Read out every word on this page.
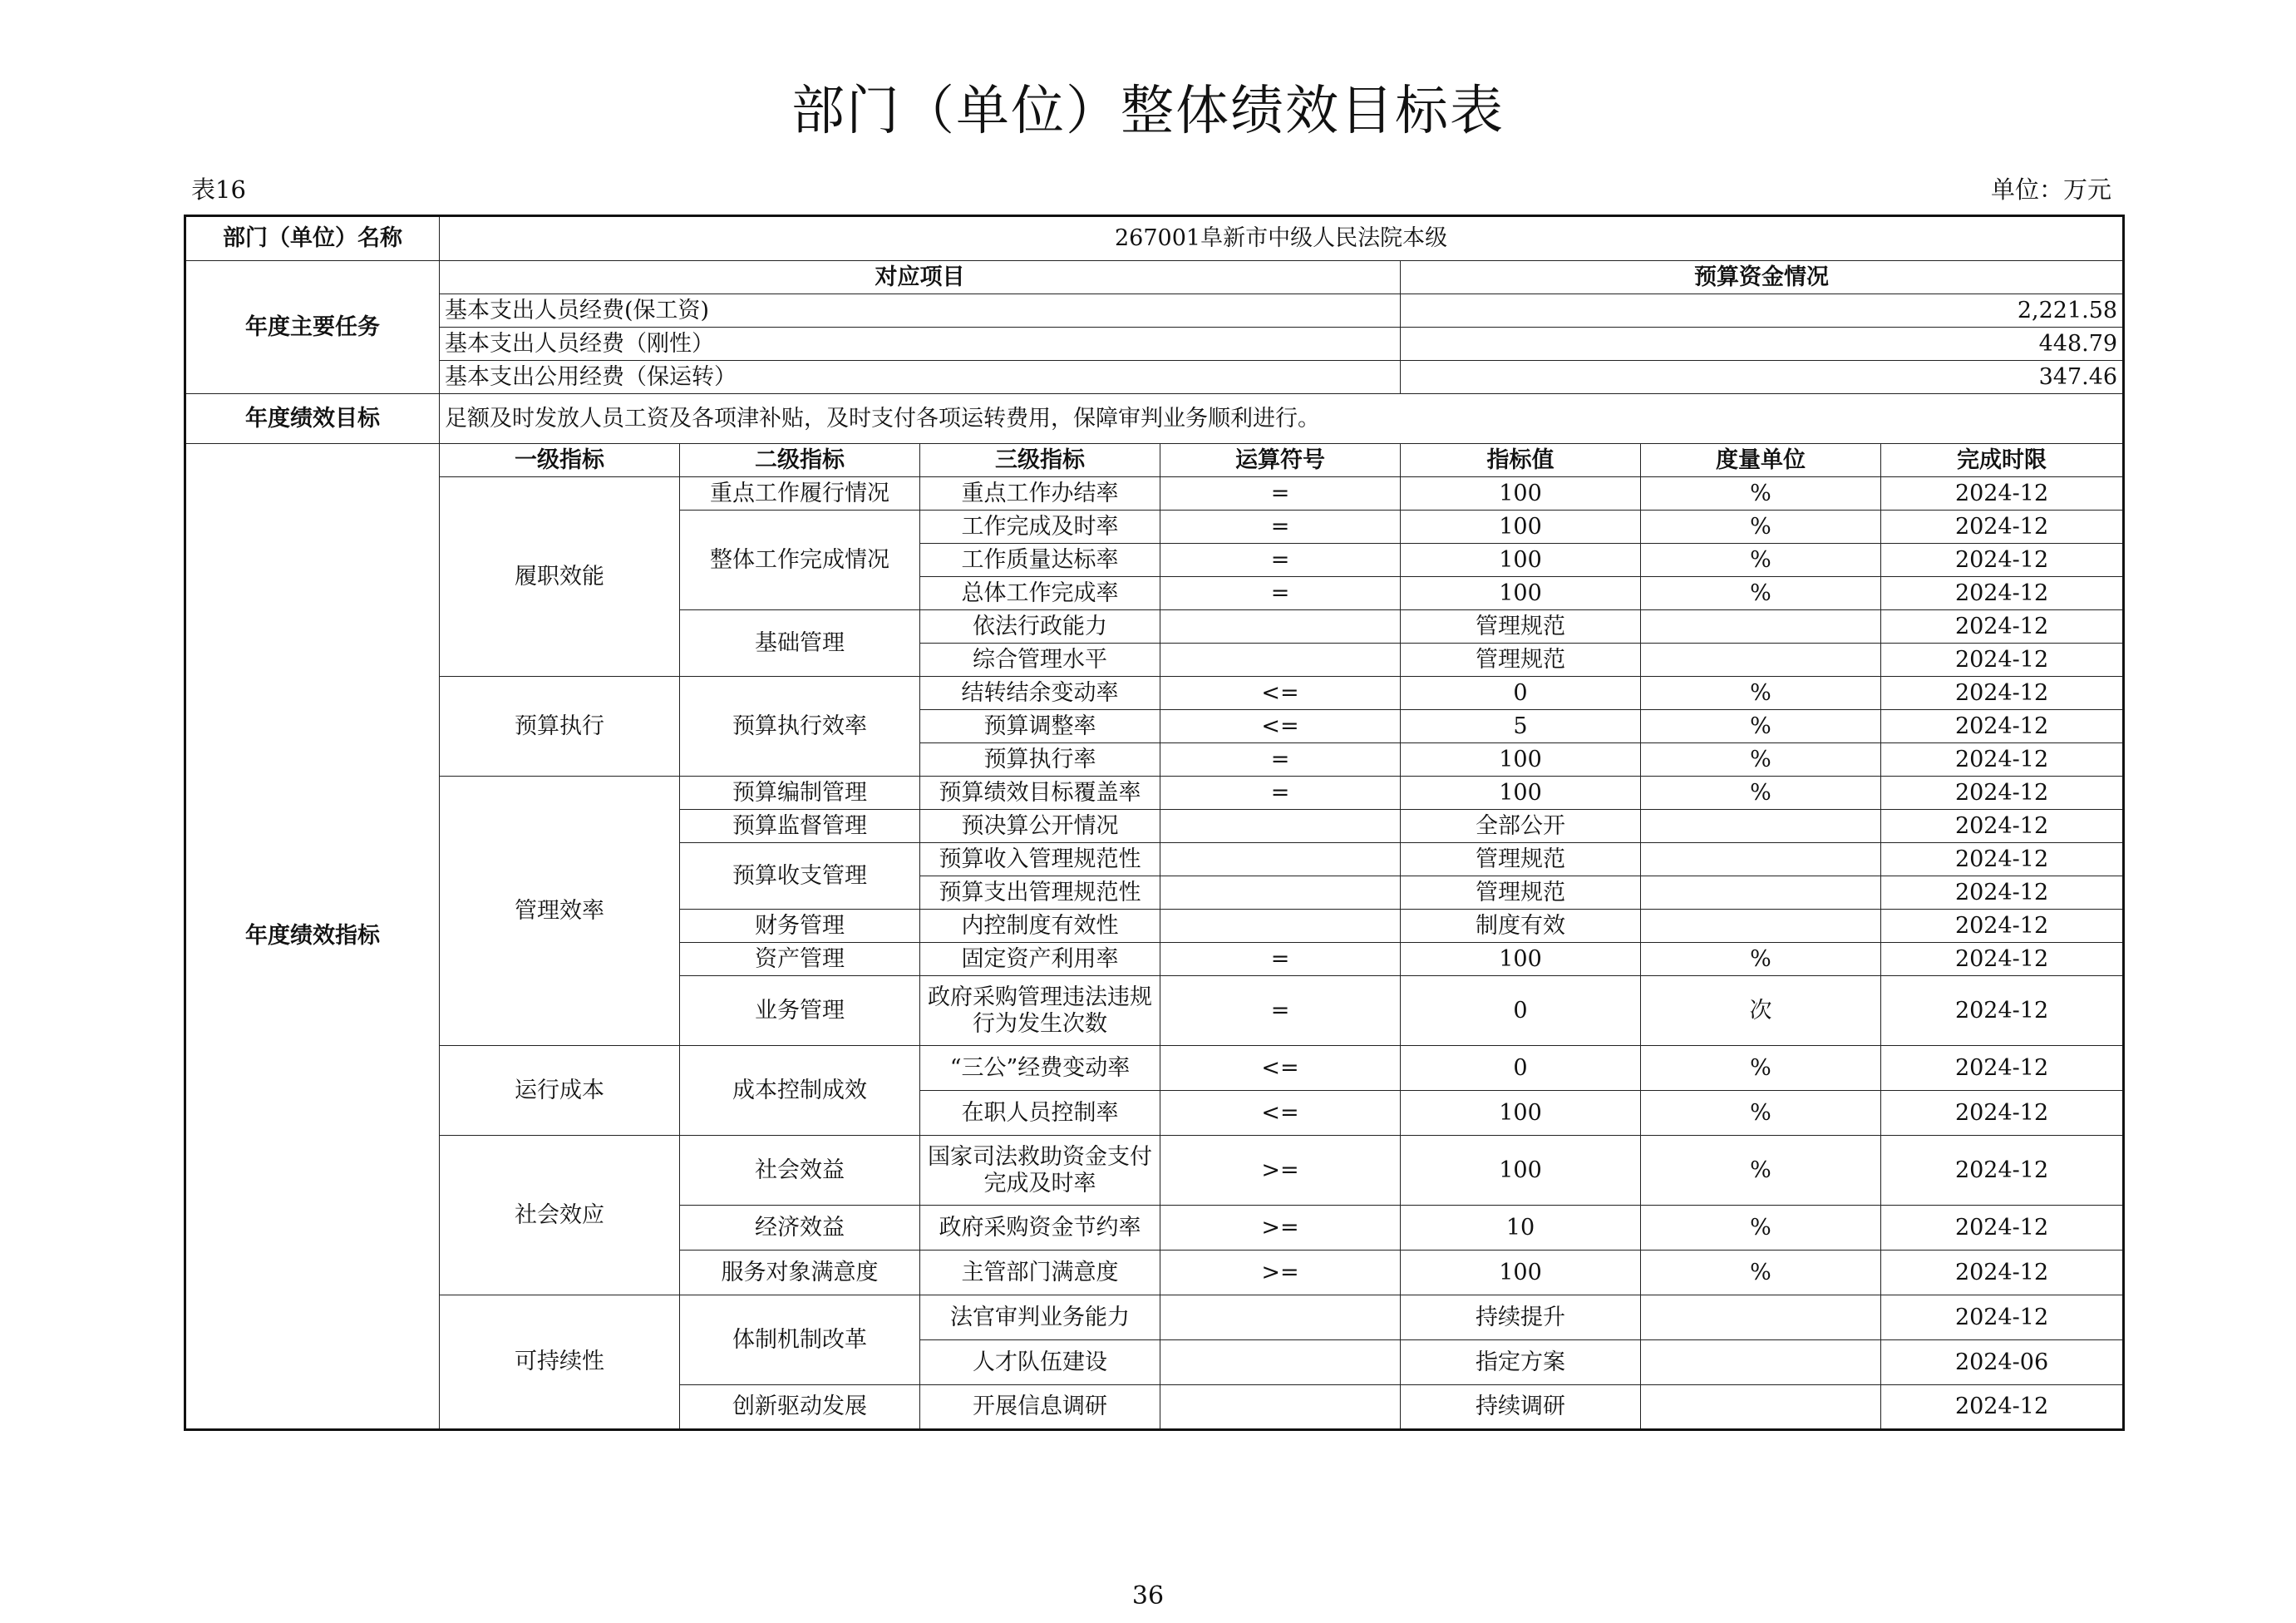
部门（单位）整体绩效目标表
表16	单位：万元
部门（单位）名称	267001阜新市中级人民法院本级						
年度主要任务	对应项目				预算资金情况		
	基本支出人员经费(保工资)				2,221.58		
	基本支出人员经费（刚性）				448.79		
	基本支出公用经费（保运转）				347.46		
年度绩效目标	足额及时发放人员工资及各项津补贴，及时支付各项运转费用，保障审判业务顺利进行。						
年度绩效指标	一级指标	二级指标	三级指标	运算符号	指标值	度量单位	完成时限
	履职效能	重点工作履行情况	重点工作办结率	=	100	%	2024-12
		整体工作完成情况	工作完成及时率	=	100	%	2024-12
			工作质量达标率	=	100	%	2024-12
			总体工作完成率	=	100	%	2024-12
		基础管理	依法行政能力		管理规范		2024-12
			综合管理水平		管理规范		2024-12
	预算执行	预算执行效率	结转结余变动率	<=	0	%	2024-12
			预算调整率	<=	5	%	2024-12
			预算执行率	=	100	%	2024-12
	管理效率	预算编制管理	预算绩效目标覆盖率	=	100	%	2024-12
		预算监督管理	预决算公开情况		全部公开		2024-12
		预算收支管理	预算收入管理规范性		管理规范		2024-12
			预算支出管理规范性		管理规范		2024-12
		财务管理	内控制度有效性		制度有效		2024-12
		资产管理	固定资产利用率	=	100	%	2024-12
		业务管理	政府采购管理违法违规行为发生次数	=	0	次	2024-12
	运行成本	成本控制成效	“三公”经费变动率	<=	0	%	2024-12
			在职人员控制率	<=	100	%	2024-12
	社会效应	社会效益	国家司法救助资金支付完成及时率	>=	100	%	2024-12
		经济效益	政府采购资金节约率	>=	10	%	2024-12
		服务对象满意度	主管部门满意度	>=	100	%	2024-12
	可持续性	体制机制改革	法官审判业务能力		持续提升		2024-12
			人才队伍建设		指定方案		2024-06
		创新驱动发展	开展信息调研		持续调研		2024-12
36
